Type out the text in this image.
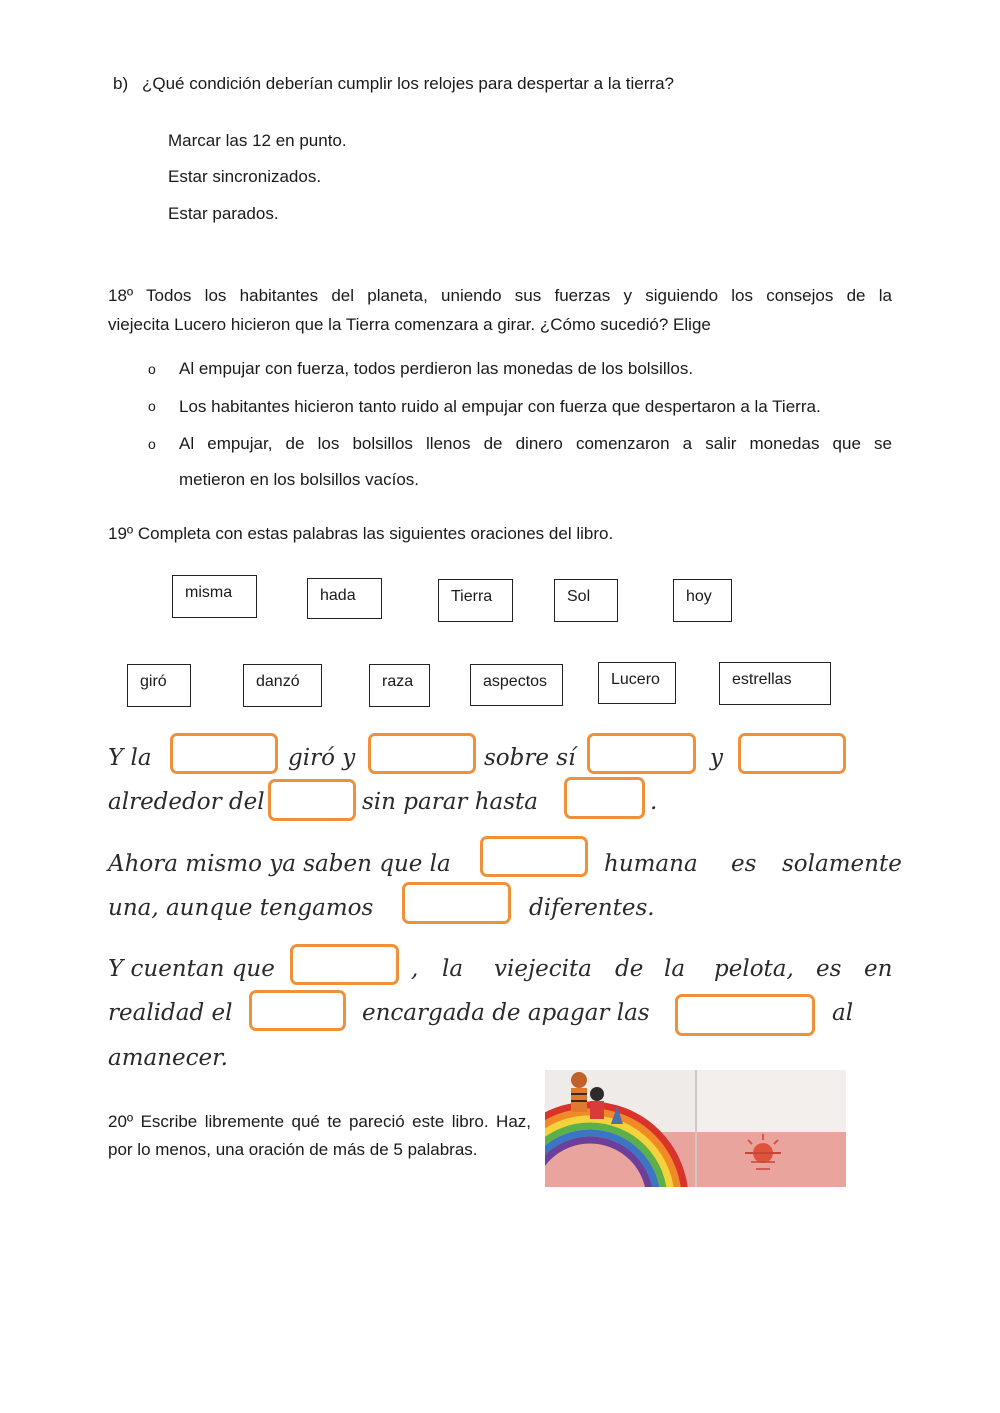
b) ¿Qué condición deberían cumplir los relojes para despertar a la tierra?
Marcar las 12 en punto.
Estar sincronizados.
Estar parados.
18º Todos los habitantes del planeta, uniendo sus fuerzas y siguiendo los consejos de la
viejecita Lucero hicieron que la Tierra comenzara a girar. ¿Cómo sucedió? Elige
o Al empujar con fuerza, todos perdieron las monedas de los bolsillos.
o Los habitantes hicieron tanto ruido al empujar con fuerza que despertaron a la Tierra.
o Al empujar, de los bolsillos llenos de dinero comenzaron a salir monedas que se
metieron en los bolsillos vacíos.
19º Completa con estas palabras las siguientes oraciones del libro.
misma	hada	Tierra	Sol	hoy
giró	danzó	raza	aspectos	Lucero	estrellas
Y la	giró y	sobre sí	y
alrededor del	sin parar hasta	.
Ahora mismo ya saben que la	humana es solamente
una, aunque tengamos	diferentes.
Y cuentan que	, la viejecita de la pelota, es en
realidad el	encargada de apagar las	al
amanecer.
20º Escribe libremente qué te pareció este libro. Haz, por lo menos, una oración de más de 5 palabras.
